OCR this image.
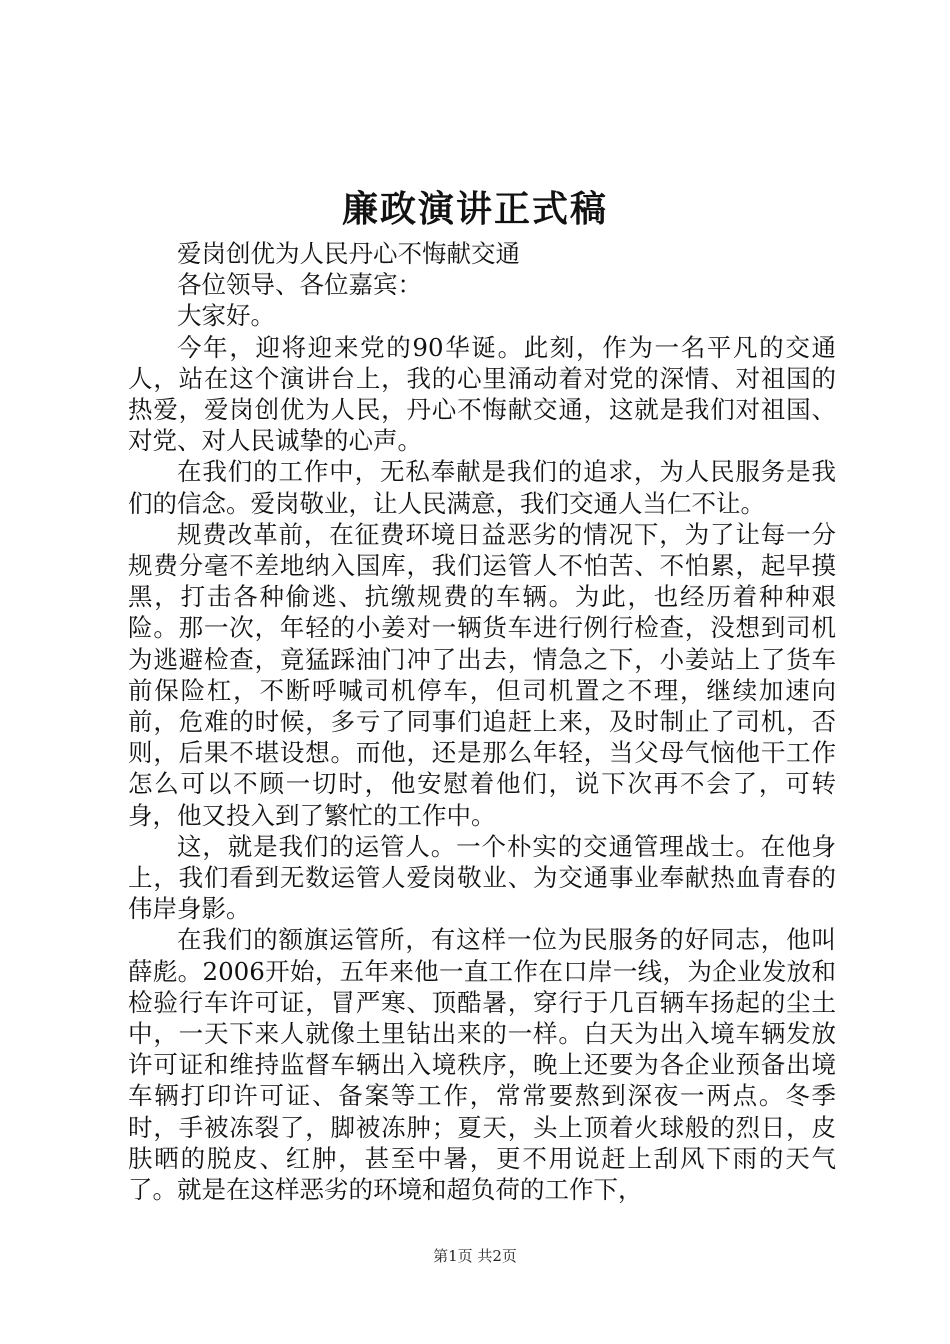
廉政演讲正式稿

爱岗创优为人民丹心不悔献交通

各位领导、各位嘉宾：

大家好。

今年，迎将迎来党的90华诞。此刻，作为一名平凡的交通人，站在这个演讲台上，我的心里涌动着对党的深情、对祖国的热爱，爱岗创优为人民，丹心不悔献交通，这就是我们对祖国、对党、对人民诚挚的心声。

在我们的工作中，无私奉献是我们的追求，为人民服务是我们的信念。爱岗敬业，让人民满意，我们交通人当仁不让。

规费改革前，在征费环境日益恶劣的情况下，为了让每一分规费分毫不差地纳入国库，我们运管人不怕苦、不怕累，起早摸黑，打击各种偷逃、抗缴规费的车辆。为此，也经历着种种艰险。那一次，年轻的小姜对一辆货车进行例行检查，没想到司机为逃避检查，竟猛踩油门冲了出去，情急之下，小姜站上了货车前保险杠，不断呼喊司机停车，但司机置之不理，继续加速向前，危难的时候，多亏了同事们追赶上来，及时制止了司机，否则，后果不堪设想。而他，还是那么年轻，当父母气恼他干工作怎么可以不顾一切时，他安慰着他们，说下次再不会了，可转身，他又投入到了繁忙的工作中。

这，就是我们的运管人。一个朴实的交通管理战士。在他身上，我们看到无数运管人爱岗敬业、为交通事业奉献热血青春的伟岸身影。

在我们的额旗运管所，有这样一位为民服务的好同志，他叫薛彪。2006开始，五年来他一直工作在口岸一线，为企业发放和检验行车许可证，冒严寒、顶酷暑，穿行于几百辆车扬起的尘土中，一天下来人就像土里钻出来的一样。白天为出入境车辆发放许可证和维持监督车辆出入境秩序，晚上还要为各企业预备出境车辆打印许可证、备案等工作，常常要熬到深夜一两点。冬季时，手被冻裂了，脚被冻肿；夏天，头上顶着火球般的烈日，皮肤晒的脱皮、红肿，甚至中暑，更不用说赶上刮风下雨的天气了。就是在这样恶劣的环境和超负荷的工作下，

第1页 共2页
